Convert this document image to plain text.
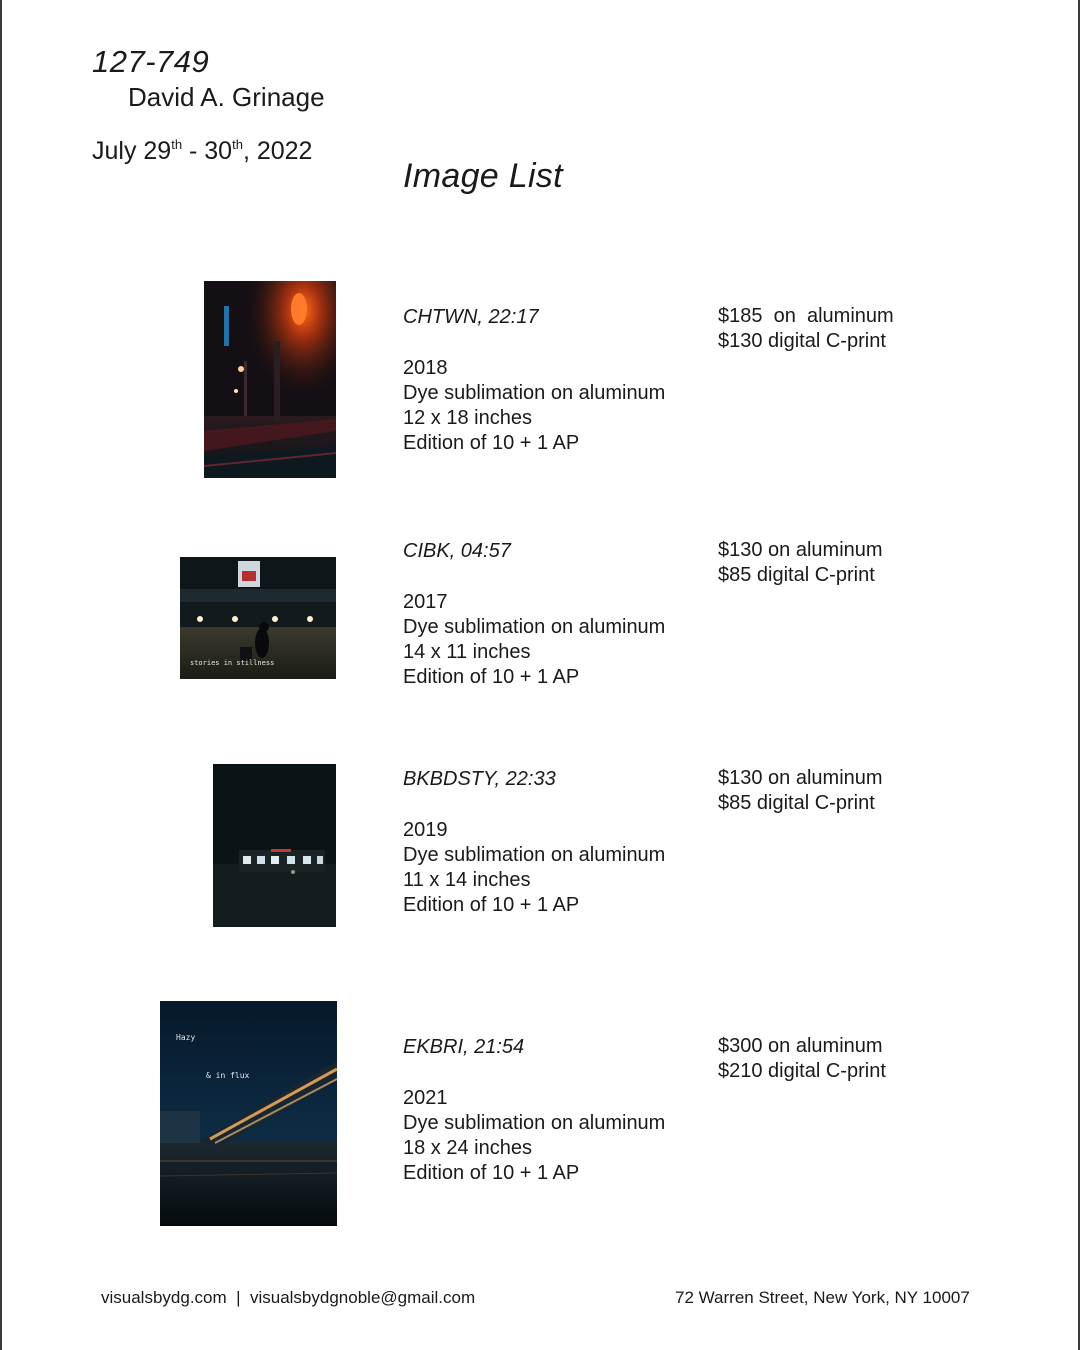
127-749
David A. Grinage
July 29th - 30th, 2022
Image List
CHTWN, 22:17
2018
Dye sublimation on aluminum
12 x 18 inches
Edition of 10 + 1 AP
$185  on  aluminum
$130 digital C-print
stories in stillness
CIBK, 04:57
2017
Dye sublimation on aluminum
14 x 11 inches
Edition of 10 + 1 AP
$130 on aluminum
$85 digital C-print
BKBDSTY, 22:33
2019
Dye sublimation on aluminum
11 x 14 inches
Edition of 10 + 1 AP
$130 on aluminum
$85 digital C-print
Hazy
& in flux
EKBRI, 21:54
2021
Dye sublimation on aluminum
18 x 24 inches
Edition of 10 + 1 AP
$300 on aluminum
$210 digital C-print
visualsbydg.com  |  visualsbydgnoble@gmail.com	72 Warren Street, New York, NY 10007
